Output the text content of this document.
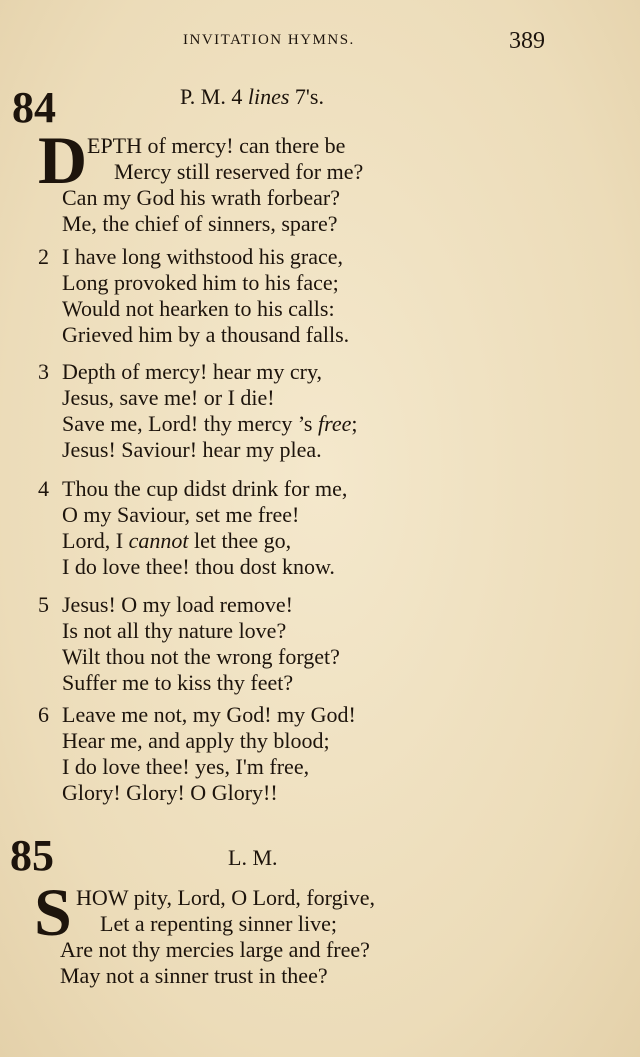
INVITATION HYMNS.	389
84	P. M. 4 lines 7's.
D EPTH of mercy! can there be
Mercy still reserved for me?
Can my God his wrath forbear?
Me, the chief of sinners, spare?
2 I have long withstood his grace,
Long provoked him to his face;
Would not hearken to his calls:
Grieved him by a thousand falls.
3 Depth of mercy! hear my cry,
Jesus, save me! or I die!
Save me, Lord! thy mercy ’s free;
Jesus! Saviour! hear my plea.
4 Thou the cup didst drink for me,
O my Saviour, set me free!
Lord, I cannot let thee go,
I do love thee! thou dost know.
5 Jesus! O my load remove!
Is not all thy nature love?
Wilt thou not the wrong forget?
Suffer me to kiss thy feet?
6 Leave me not, my God! my God!
Hear me, and apply thy blood;
I do love thee! yes, I'm free,
Glory! Glory! O Glory!!
85	L. M.
S HOW pity, Lord, O Lord, forgive,
Let a repenting sinner live;
Are not thy mercies large and free?
May not a sinner trust in thee?
